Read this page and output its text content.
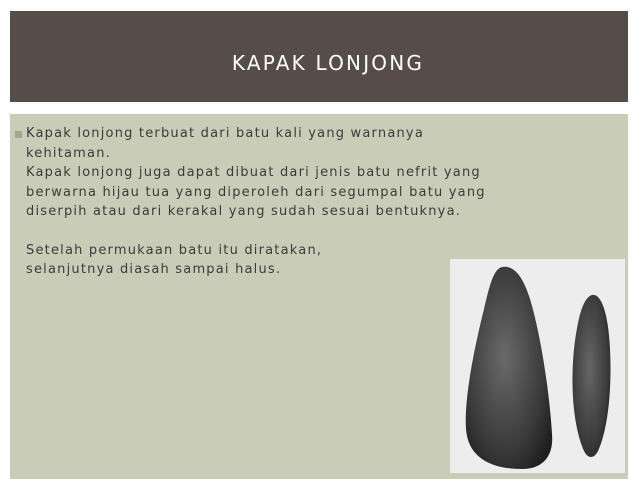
KAPAK LONJONG

Kapak lonjong terbuat dari batu kali yang warnanya

kehitaman.

Kapak lonjong juga dapat dibuat dari jenis batu nefrit yang

berwarna hijau tua yang diperoleh dari segumpal batu yang

diserpih atau dari kerakal yang sudah sesuai bentuknya.

Setelah permukaan batu itu diratakan,

selanjutnya diasah sampai halus.
